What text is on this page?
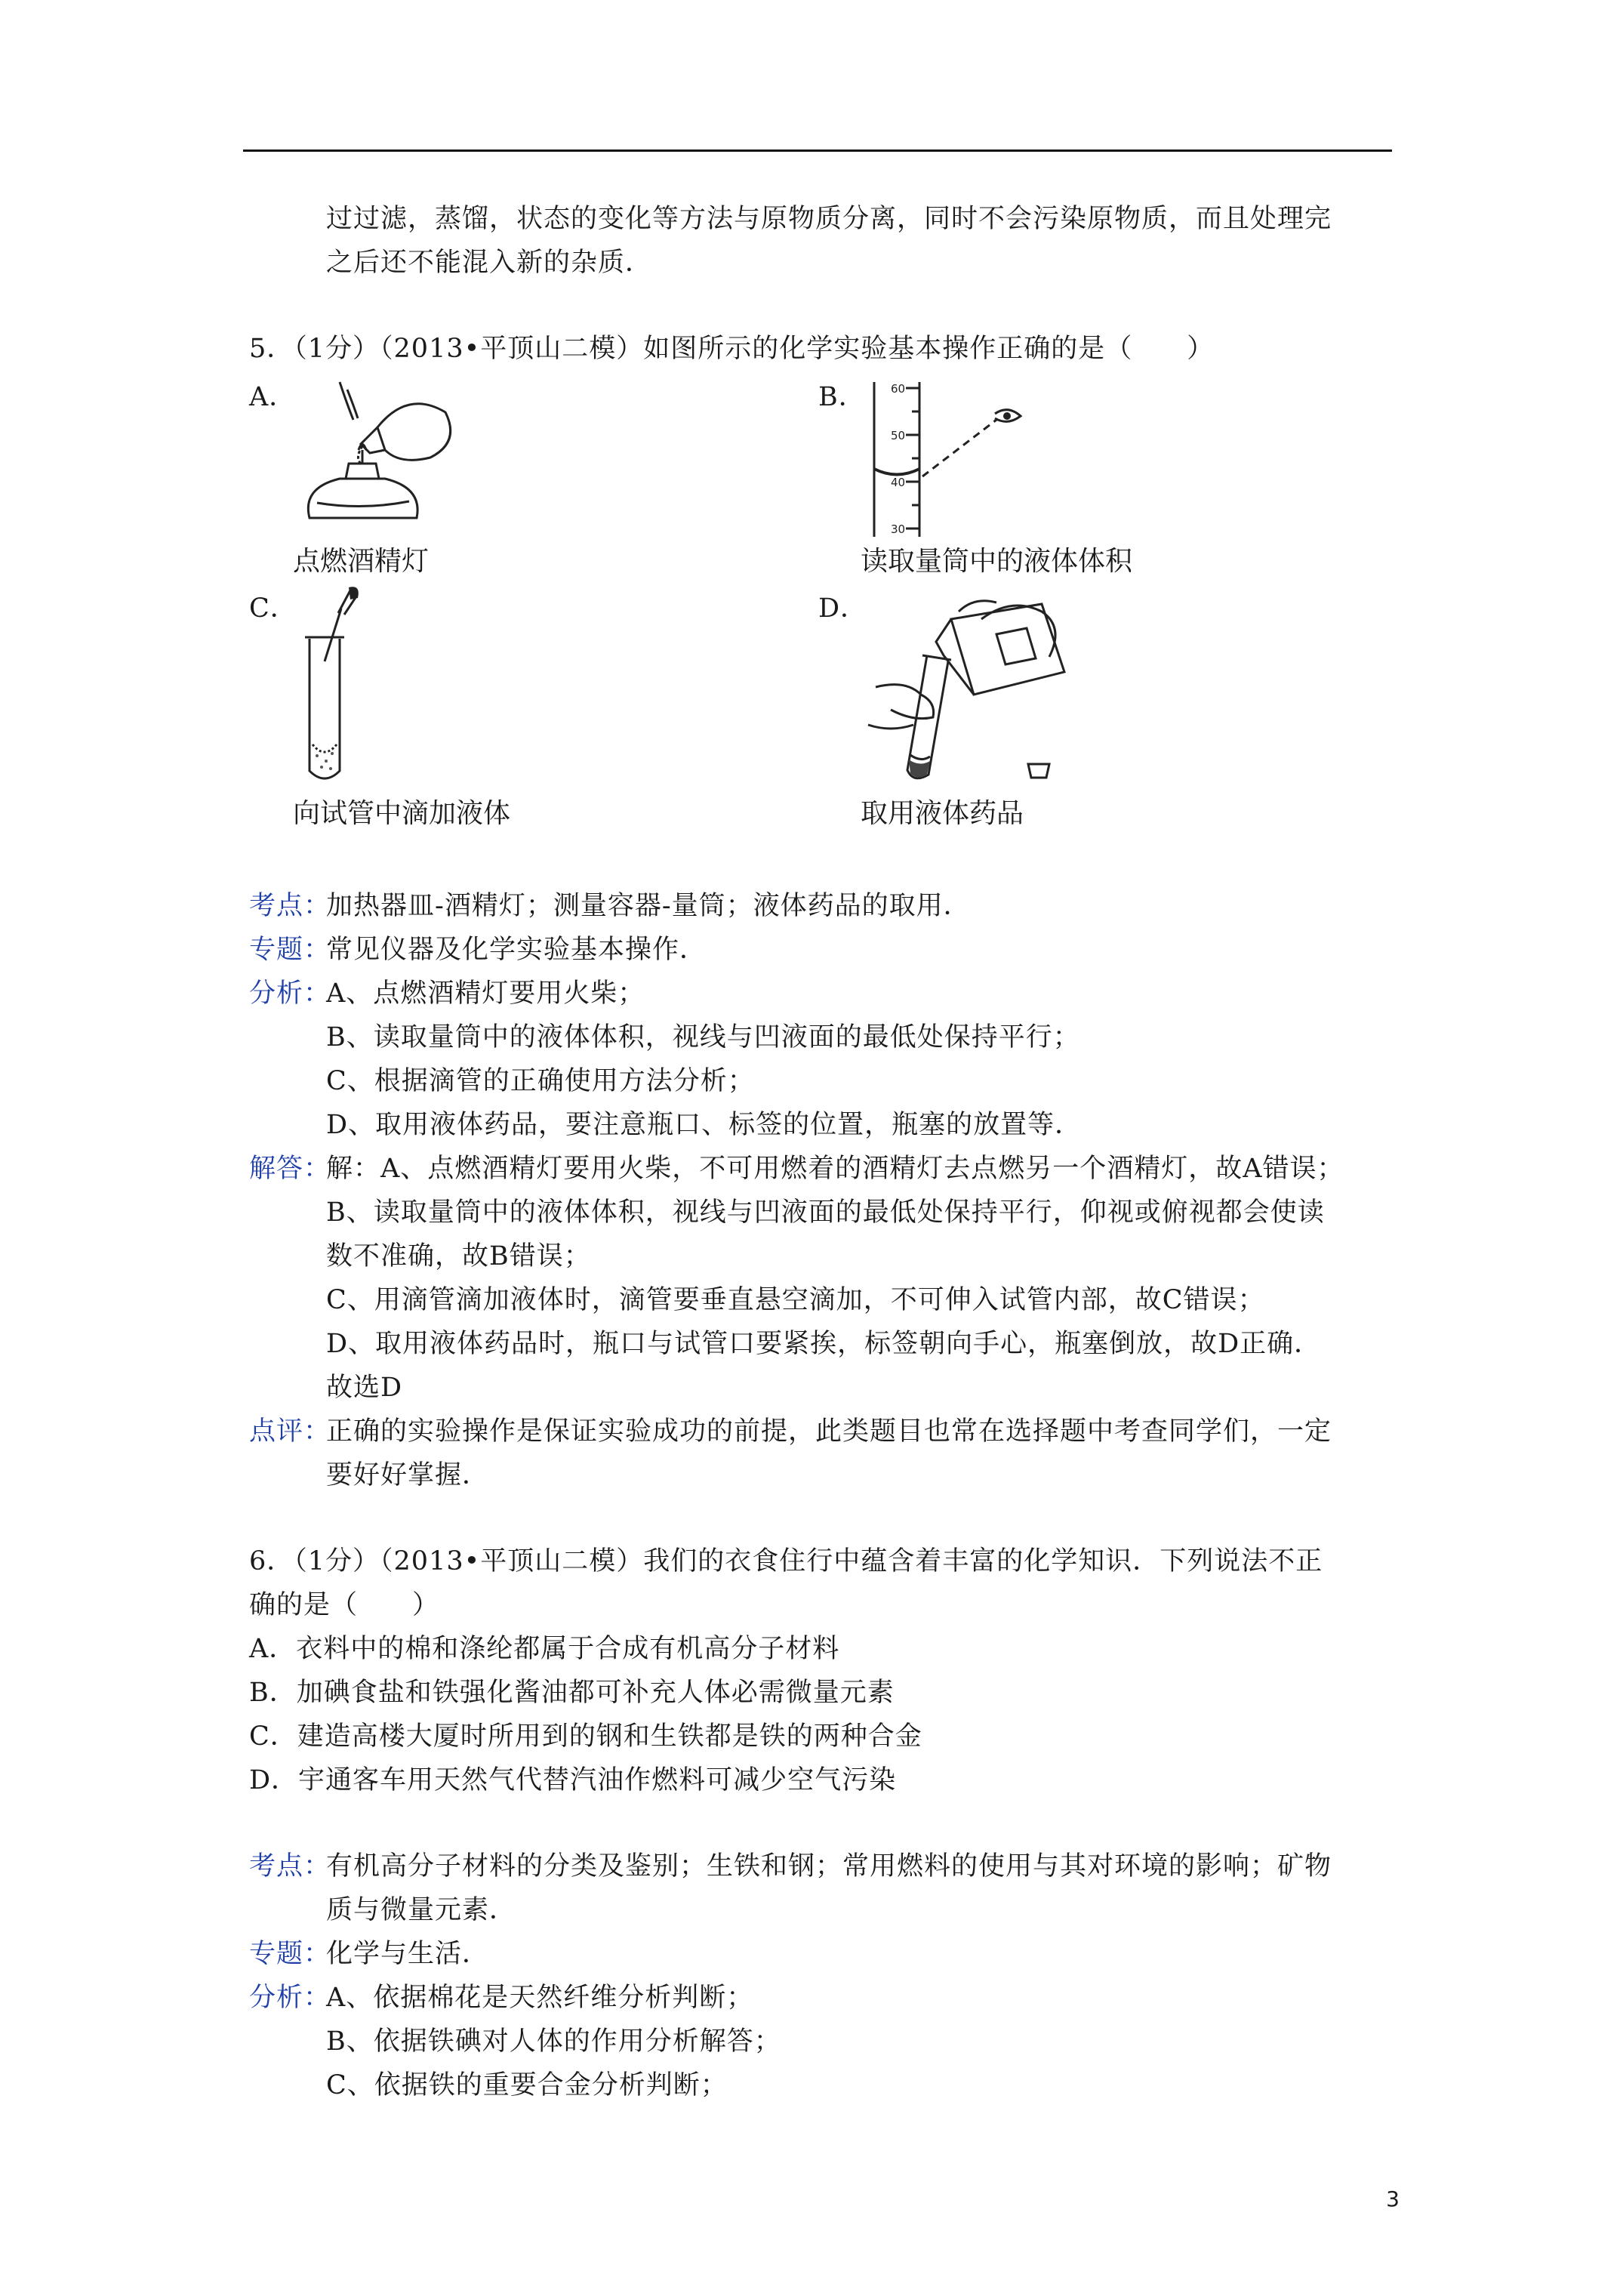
过过滤，蒸馏，状态的变化等方法与原物质分离，同时不会污染原物质，而且处理完
之后还不能混入新的杂质．
5．（1分）（2013•平顶山二模）如图所示的化学实验基本操作正确的是（　　）
A．	B． 60
50
40
30
点燃酒精灯	读取量筒中的液体体积
C．	D．
向试管中滴加液体	取用液体药品
考点：
加热器皿-酒精灯；测量容器-量筒；液体药品的取用．
专题：
常见仪器及化学实验基本操作．
分析：
A、点燃酒精灯要用火柴；
B、读取量筒中的液体体积，视线与凹液面的最低处保持平行；
C、根据滴管的正确使用方法分析；
D、取用液体药品，要注意瓶口、标签的位置，瓶塞的放置等．
解答：
解：A、点燃酒精灯要用火柴，不可用燃着的酒精灯去点燃另一个酒精灯，故A错误；
B、读取量筒中的液体体积，视线与凹液面的最低处保持平行，仰视或俯视都会使读
数不准确，故B错误；
C、用滴管滴加液体时，滴管要垂直悬空滴加，不可伸入试管内部，故C错误；
D、取用液体药品时，瓶口与试管口要紧挨，标签朝向手心，瓶塞倒放，故D正确．
故选D
点评：
正确的实验操作是保证实验成功的前提，此类题目也常在选择题中考查同学们，一定
要好好掌握．
6．（1分）（2013•平顶山二模）我们的衣食住行中蕴含着丰富的化学知识．下列说法不正
确的是（　　）
A．衣料中的棉和涤纶都属于合成有机高分子材料
B．加碘食盐和铁强化酱油都可补充人体必需微量元素
C．建造高楼大厦时所用到的钢和生铁都是铁的两种合金
D．宇通客车用天然气代替汽油作燃料可减少空气污染
考点：
有机高分子材料的分类及鉴别；生铁和钢；常用燃料的使用与其对环境的影响；矿物
质与微量元素．
专题：
化学与生活．
分析：
A、依据棉花是天然纤维分析判断；
B、依据铁碘对人体的作用分析解答；
C、依据铁的重要合金分析判断；
3
